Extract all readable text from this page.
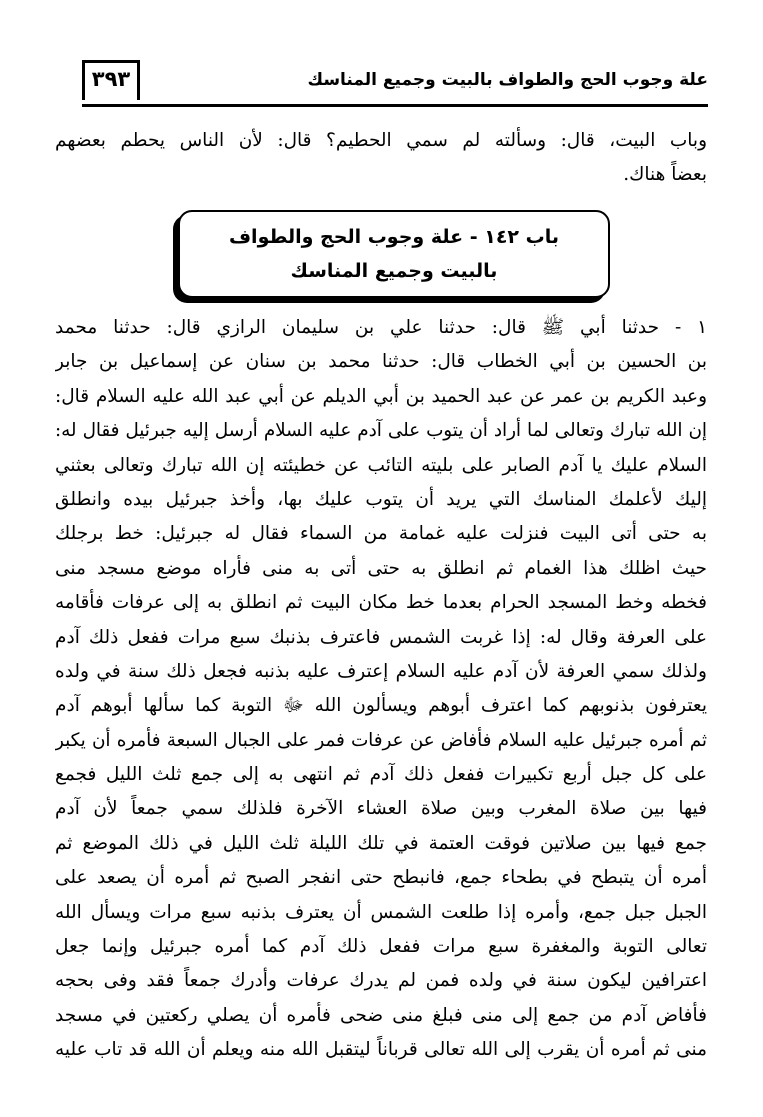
علة وجوب الحج والطواف بالبيت وجميع المناسك
٣٩٣
وباب البيت، قال: وسألته لم سمي الحطيم؟ قال: لأن الناس يحطم بعضهم
بعضاً هناك.
باب ١٤٢ - علة وجوب الحج والطواف
بالبيت وجميع المناسك
١ - حدثنا أبي ﷺ قال: حدثنا علي بن سليمان الرازي قال: حدثنا محمد
بن الحسين بن أبي الخطاب قال: حدثنا محمد بن سنان عن إسماعيل بن جابر
وعبد الكريم بن عمر عن عبد الحميد بن أبي الديلم عن أبي عبد الله عليه السلام قال:
إن الله تبارك وتعالى لما أراد أن يتوب على آدم عليه السلام أرسل إليه جبرئيل فقال له:
السلام عليك يا آدم الصابر على بليته التائب عن خطيئته إن الله تبارك وتعالى بعثني
إليك لأعلمك المناسك التي يريد أن يتوب عليك بها، وأخذ جبرئيل بيده وانطلق
به حتى أتى البيت فنزلت عليه غمامة من السماء فقال له جبرئيل: خط برجلك
حيث اظلك هذا الغمام ثم انطلق به حتى أتى به منى فأراه موضع مسجد منى
فخطه وخط المسجد الحرام بعدما خط مكان البيت ثم انطلق به إلى عرفات فأقامه
على العرفة وقال له: إذا غربت الشمس فاعترف بذنبك سبع مرات ففعل ذلك آدم
ولذلك سمي العرفة لأن آدم عليه السلام إعترف عليه بذنبه فجعل ذلك سنة في ولده
يعترفون بذنوبهم كما اعترف أبوهم ويسألون الله ﷻ التوبة كما سألها أبوهم آدم
ثم أمره جبرئيل عليه السلام فأفاض عن عرفات فمر على الجبال السبعة فأمره أن يكبر
على كل جبل أربع تكبيرات ففعل ذلك آدم ثم انتهى به إلى جمع ثلث الليل فجمع
فيها بين صلاة المغرب وبين صلاة العشاء الآخرة فلذلك سمي جمعاً لأن آدم
جمع فيها بين صلاتين فوقت العتمة في تلك الليلة ثلث الليل في ذلك الموضع ثم
أمره أن يتبطح في بطحاء جمع، فانبطح حتى انفجر الصبح ثم أمره أن يصعد على
الجبل جبل جمع، وأمره إذا طلعت الشمس أن يعترف بذنبه سبع مرات ويسأل الله
تعالى التوبة والمغفرة سبع مرات ففعل ذلك آدم كما أمره جبرئيل وإنما جعل
اعترافين ليكون سنة في ولده فمن لم يدرك عرفات وأدرك جمعاً فقد وفى بحجه
فأفاض آدم من جمع إلى منى فبلغ منى ضحى فأمره أن يصلي ركعتين في مسجد
منى ثم أمره أن يقرب إلى الله تعالى قرباناً ليتقبل الله منه ويعلم أن الله قد تاب عليه
